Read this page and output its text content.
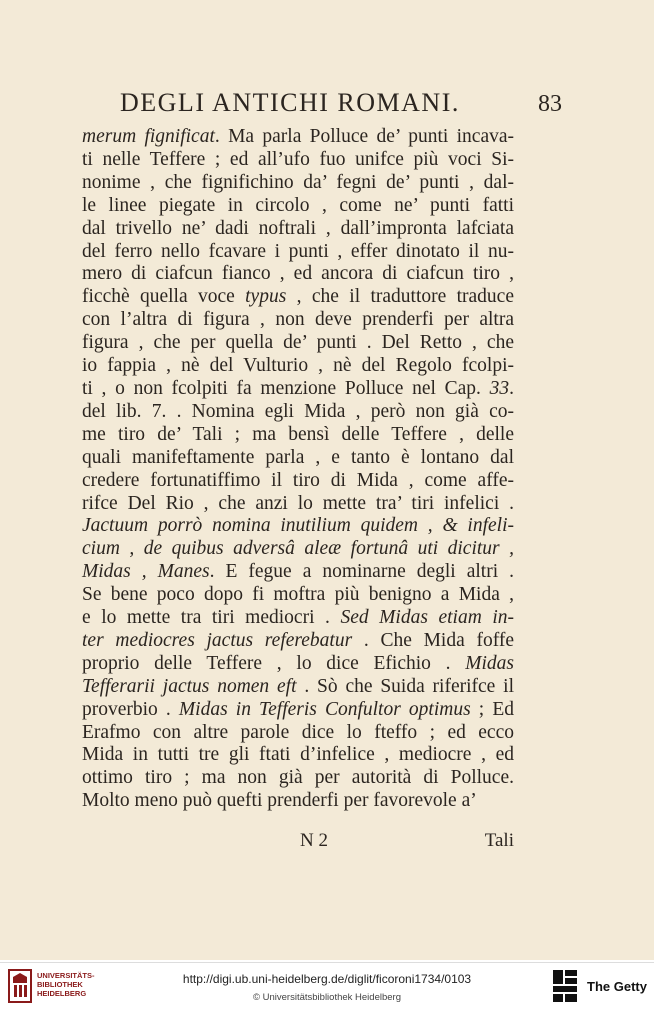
DEGLI ANTICHI ROMANI.	83
merum fignificat. Ma parla Polluce de’ punti incava-
ti nelle Teffere ; ed all’ufo fuo unifce più voci Si-
nonime , che fignifichino da’ fegni de’ punti , dal-
le linee piegate in circolo , come ne’ punti fatti
dal trivello ne’ dadi noftrali , dall’impronta lafciata
del ferro nello fcavare i punti , effer dinotato il nu-
mero di ciafcun fianco , ed ancora di ciafcun tiro ,
ficchè quella voce typus , che il traduttore traduce
con l’altra di figura , non deve prenderfi per altra
figura , che per quella de’ punti . Del Retto , che
io fappia , nè del Vulturio , nè del Regolo fcolpi-
ti , o non fcolpiti fa menzione Polluce nel Cap. 33.
del lib. 7. . Nomina egli Mida , però non già co-
me tiro de’ Tali ; ma bensì delle Teffere , delle
quali manifeftamente parla , e tanto è lontano dal
credere fortunatiffimo il tiro di Mida , come affe-
rifce Del Rio , che anzi lo mette tra’ tiri infelici .
Jactuum porrò nomina inutilium quidem , & infeli-
cium , de quibus adversâ aleæ fortunâ uti dicitur ,
Midas , Manes. E fegue a nominarne degli altri .
Se bene poco dopo fi moftra più benigno a Mida ,
e lo mette tra tiri mediocri . Sed Midas etiam in-
ter mediocres jactus referebatur . Che Mida foffe
proprio delle Teffere , lo dice Efichio . Midas
Tefferarii jactus nomen eft . Sò che Suida riferifce il
proverbio . Midas in Tefferis Confultor optimus ; Ed
Erafmo con altre parole dice lo fteffo ; ed ecco
Mida in tutti tre gli ftati d’infelice , mediocre , ed
ottimo tiro ; ma non già per autorità di Polluce.
Molto meno può quefti prenderfi per favorevole a’
N 2	Tali
UNIVERSITÄTS-
BIBLIOTHEK
HEIDELBERG
http://digi.ub.uni-heidelberg.de/diglit/ficoroni1734/0103
© Universitätsbibliothek Heidelberg
The Getty
